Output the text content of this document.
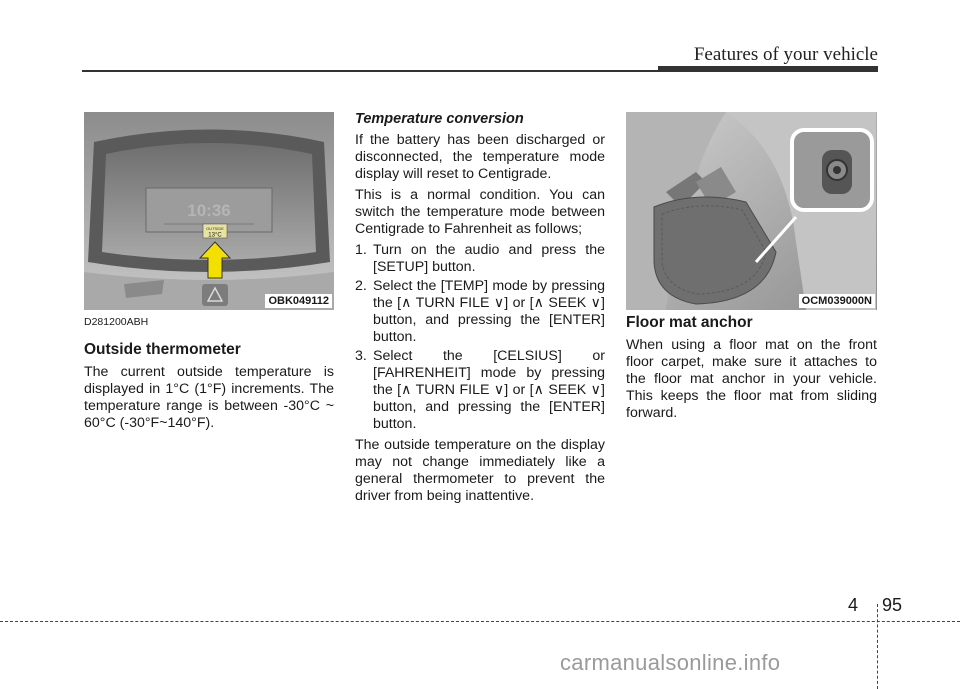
Features of your vehicle
10:36
OUTSIDE
13°C
OBK049112
D281200ABH
Outside thermometer

The current outside temperature is displayed in 1°C (1°F) increments. The temperature range is between -30°C ~ 60°C (-30°F~140°F).

Temperature conversion

If the battery has been discharged or disconnected, the temperature mode display will reset to Centigrade.

This is a normal condition. You can switch the temperature mode between Centigrade to Fahrenheit as follows;

1. Turn on the audio and press the [SETUP] button.
2. Select the [TEMP] mode by pressing the [∧ TURN FILE ∨] or [∧ SEEK ∨] button, and pressing the [ENTER] button.
3. Select the [CELSIUS] or [FAHRENHEIT] mode by pressing the [∧ TURN FILE ∨] or [∧ SEEK ∨] button, and pressing the [ENTER] button.

The outside temperature on the display may not change immediately like a general thermometer to prevent the driver from being inattentive.

OCM039000N
Floor mat anchor

When using a floor mat on the front floor carpet, make sure it attaches to the floor mat anchor in your vehicle. This keeps the floor mat from sliding forward.

4 95
carmanualsonline.info
